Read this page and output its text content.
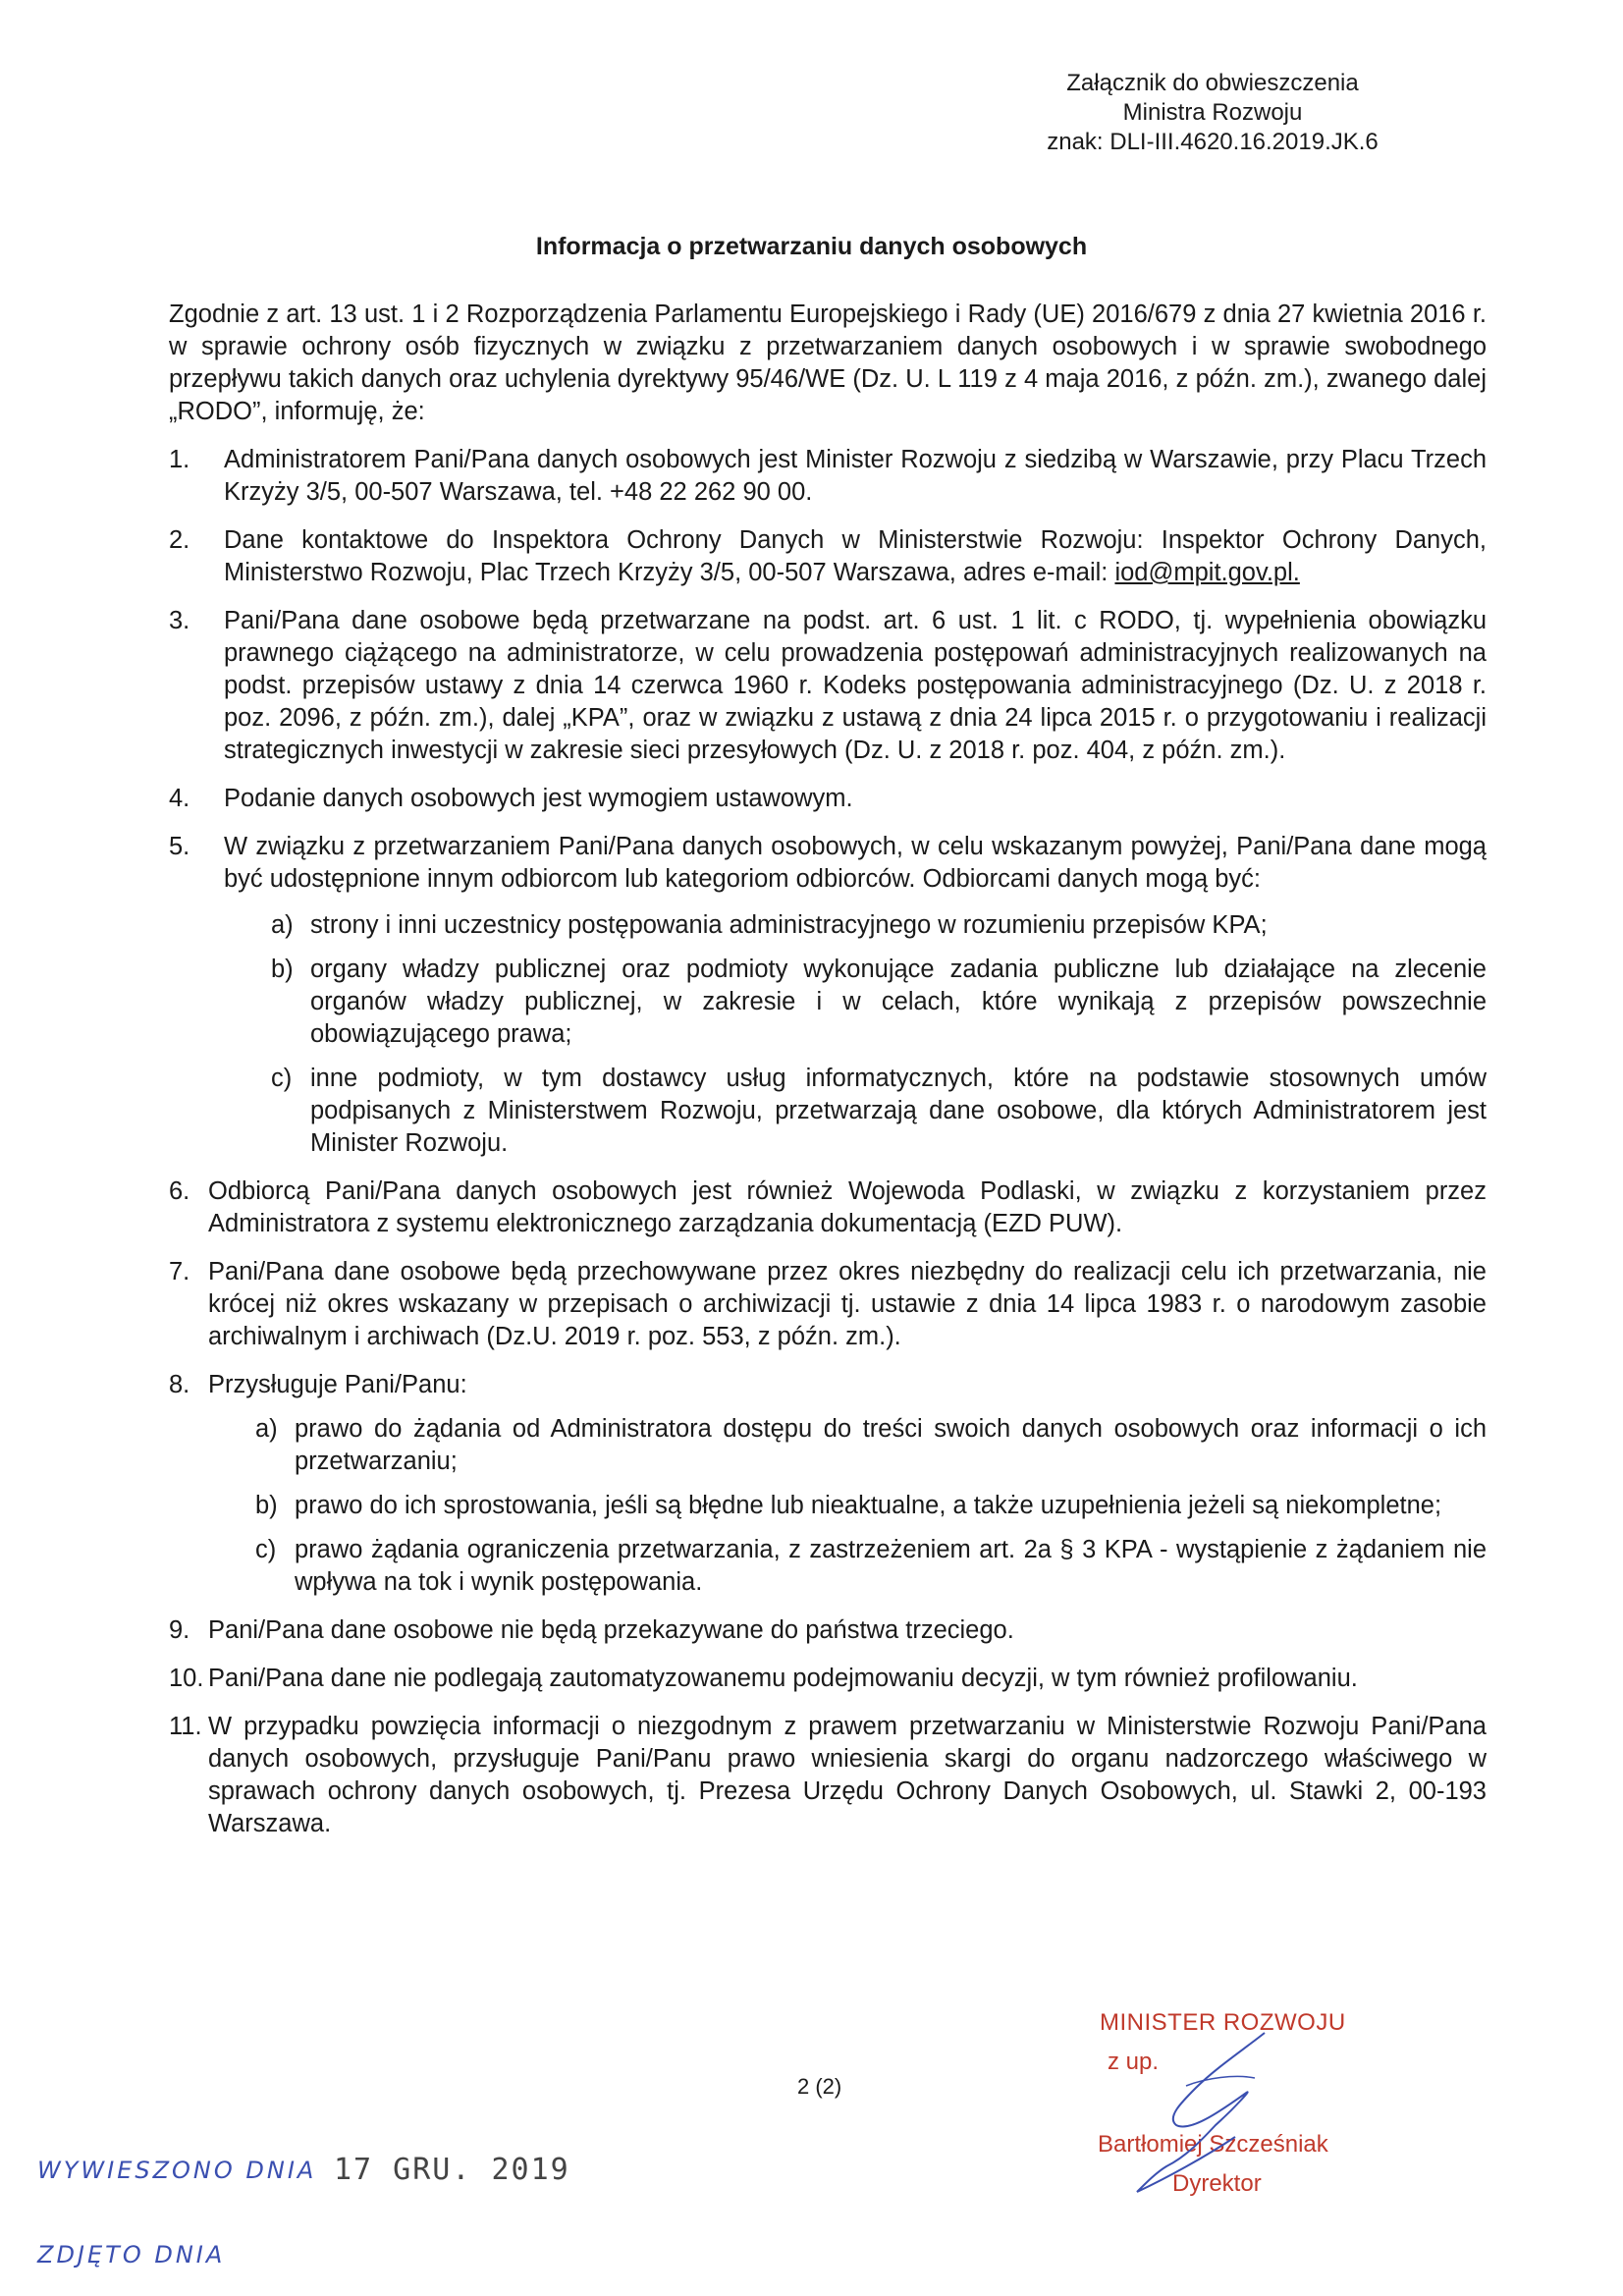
Załącznik do obwieszczenia
Ministra Rozwoju
znak: DLI-III.4620.16.2019.JK.6
Informacja o przetwarzaniu danych osobowych

Zgodnie z art. 13 ust. 1 i 2 Rozporządzenia Parlamentu Europejskiego i Rady (UE) 2016/679 z dnia 27 kwietnia 2016 r. w sprawie ochrony osób fizycznych w związku z przetwarzaniem danych osobowych i w sprawie swobodnego przepływu takich danych oraz uchylenia dyrektywy 95/46/WE (Dz. U. L 119 z 4 maja 2016, z późn. zm.), zwanego dalej „RODO”, informuję, że:

1. Administratorem Pani/Pana danych osobowych jest Minister Rozwoju z siedzibą w Warszawie, przy Placu Trzech Krzyży 3/5, 00-507 Warszawa, tel. +48 22 262 90 00.
2. Dane kontaktowe do Inspektora Ochrony Danych w Ministerstwie Rozwoju: Inspektor Ochrony Danych, Ministerstwo Rozwoju, Plac Trzech Krzyży 3/5, 00-507 Warszawa, adres e-mail: iod@mpit.gov.pl.
3. Pani/Pana dane osobowe będą przetwarzane na podst. art. 6 ust. 1 lit. c RODO, tj. wypełnienia obowiązku prawnego ciążącego na administratorze, w celu prowadzenia postępowań administracyjnych realizowanych na podst. przepisów ustawy z dnia 14 czerwca 1960 r. Kodeks postępowania administracyjnego (Dz. U. z 2018 r. poz. 2096, z późn. zm.), dalej „KPA”, oraz w związku z ustawą z dnia 24 lipca 2015 r. o przygotowaniu i realizacji strategicznych inwestycji w zakresie sieci przesyłowych (Dz. U. z 2018 r. poz. 404, z późn. zm.).
4. Podanie danych osobowych jest wymogiem ustawowym.
5. W związku z przetwarzaniem Pani/Pana danych osobowych, w celu wskazanym powyżej, Pani/Pana dane mogą być udostępnione innym odbiorcom lub kategoriom odbiorców. Odbiorcami danych mogą być:
a) strony i inni uczestnicy postępowania administracyjnego w rozumieniu przepisów KPA;
b) organy władzy publicznej oraz podmioty wykonujące zadania publiczne lub działające na zlecenie organów władzy publicznej, w zakresie i w celach, które wynikają z przepisów powszechnie obowiązującego prawa;
c) inne podmioty, w tym dostawcy usług informatycznych, które na podstawie stosownych umów podpisanych z Ministerstwem Rozwoju, przetwarzają dane osobowe, dla których Administratorem jest Minister Rozwoju.
6. Odbiorcą Pani/Pana danych osobowych jest również Wojewoda Podlaski, w związku z korzystaniem przez Administratora z systemu elektronicznego zarządzania dokumentacją (EZD PUW).
7. Pani/Pana dane osobowe będą przechowywane przez okres niezbędny do realizacji celu ich przetwarzania, nie krócej niż okres wskazany w przepisach o archiwizacji tj. ustawie z dnia 14 lipca 1983 r. o narodowym zasobie archiwalnym i archiwach (Dz.U. 2019 r. poz. 553, z późn. zm.).
8. Przysługuje Pani/Panu:
a) prawo do żądania od Administratora dostępu do treści swoich danych osobowych oraz informacji o ich przetwarzaniu;
b) prawo do ich sprostowania, jeśli są błędne lub nieaktualne, a także uzupełnienia jeżeli są niekompletne;
c) prawo żądania ograniczenia przetwarzania, z zastrzeżeniem art. 2a § 3 KPA - wystąpienie z żądaniem nie wpływa na tok i wynik postępowania.
9. Pani/Pana dane osobowe nie będą przekazywane do państwa trzeciego.
10. Pani/Pana dane nie podlegają zautomatyzowanemu podejmowaniu decyzji, w tym również profilowaniu.
11. W przypadku powzięcia informacji o niezgodnym z prawem przetwarzaniu w Ministerstwie Rozwoju Pani/Pana danych osobowych, przysługuje Pani/Panu prawo wniesienia skargi do organu nadzorczego właściwego w sprawach ochrony danych osobowych, tj. Prezesa Urzędu Ochrony Danych Osobowych, ul. Stawki 2, 00-193 Warszawa.
2 (2)
MINISTER ROZWOJU
z up.
Bartłomiej Szcześniak
Dyrektor
WYWIESZONO DNIA 17 GRU. 2019
ZDJĘTO DNIA
